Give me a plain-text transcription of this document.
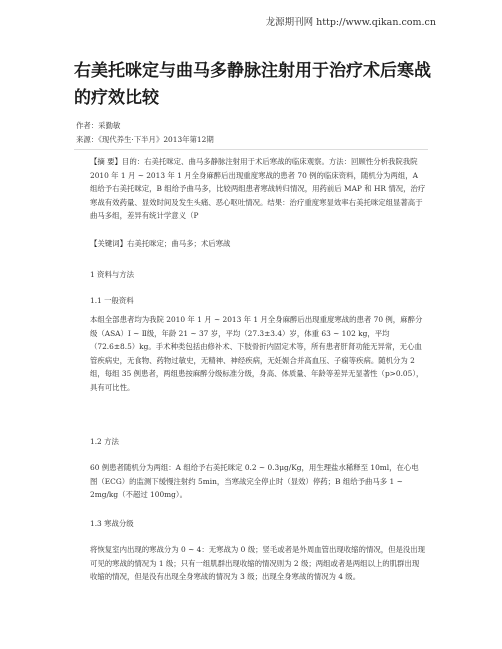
龙源期刊网 http://www.qikan.com.cn
右美托咪定与曲马多静脉注射用于治疗术后寒战的疗效比较
作者：采勤敏
来源：《现代养生·下半月》2013年第12期

【摘 要】目的：右美托咪定、曲马多静脉注射用于术后寒战的临床观察。方法：回顾性分析我院我院 2010 年 1 月 ~ 2013 年 1 月全身麻醉后出现重度寒战的患者 70 例的临床资料，随机分为两组，A 组给予右美托咪定，B 组给予曲马多，比较两组患者寒战转归情况，用药前后 MAP 和 HR 情况，治疗寒战有效药量、显效时间及发生头痛、恶心呕吐情况。结果：治疗重度寒显效率右美托咪定组显著高于曲马多组，差异有统计学意义（P

【关键词】右美托咪定；曲马多；术后寒战

1 资料与方法
1.1 一般资料

本组全部患者均为我院 2010 年 1 月 ~ 2013 年 1 月全身麻醉后出现重度寒战的患者 70 例，麻醉分级（ASA）Ⅰ ~ Ⅱ级，年龄 21 ~ 37 岁，平均（27.3±3.4）岁，体重 63 ~ 102 kg，平均（72.6±8.5）kg。手术种类包括由修补术、下肢骨折内固定术等，所有患者肝肾功能无异常，无心血管疾病史，无食物、药物过敏史，无精神、神经疾病，无妊娠合并高血压、子痫等疾病。随机分为 2 组，每组 35 例患者，两组患按麻醉分级标准分级，身高、体质量、年龄等差异无显著性（p>0.05），具有可比性。

1.2 方法

60 例患者随机分为两组：A 组给予右美托咪定 0.2 ~ 0.3μg/Kg，用生理盐水稀释至 10ml，在心电图（ECG）的监测下缓慢注射约 5min，当寒战完全停止时（显效）停药；B 组给予曲马多 1 ~ 2mg/kg（不超过 100mg）。

1.3 寒战分级

将恢复室内出现的寒战分为 0 ~ 4：无寒战为 0 级；竖毛或者是外周血管出现收缩的情况，但是没出现可见的寒战的情况为 1 级；只有一组肌群出现收缩的情况则为 2 级；两组或者是两组以上的肌群出现收缩的情况，但是没有出现全身寒战的情况为 3 级；出现全身寒战的情况为 4 级。
